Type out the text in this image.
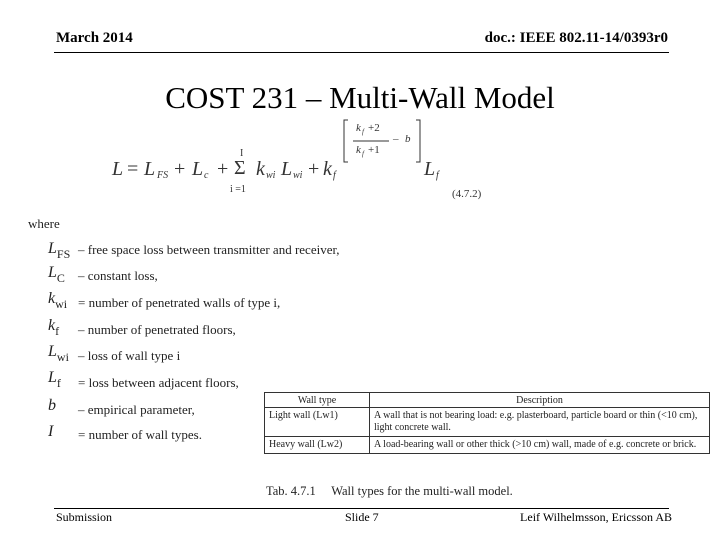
March 2014	doc.: IEEE 802.11-14/0393r0
COST 231 – Multi-Wall Model
L = L FS + L c +
I
Σ
i =1
k wi L wi + k f
k f +2
k f +1
– b
L f
(4.7.2)
where
$L_{FS}$ – free space loss between transmitter and receiver,
$L_C$ – constant loss,
$k_{wi}$ = number of penetrated walls of type i,
$k_f$ – number of penetrated floors,
$L_{wi}$ – loss of wall type i
$L_f$ = loss between adjacent floors,
b – empirical parameter,
I = number of wall types.
Wall type	Description
Light wall (Lw1)	A wall that is not bearing load: e.g. plasterboard, particle board or thin (<10 cm), light concrete wall.
Heavy wall (Lw2)	A load-bearing wall or other thick (>10 cm) wall, made of e.g. concrete or brick.
Tab. 4.7.1     Wall types for the multi-wall model.
Submission	Slide 7	Leif Wilhelmsson, Ericsson AB
